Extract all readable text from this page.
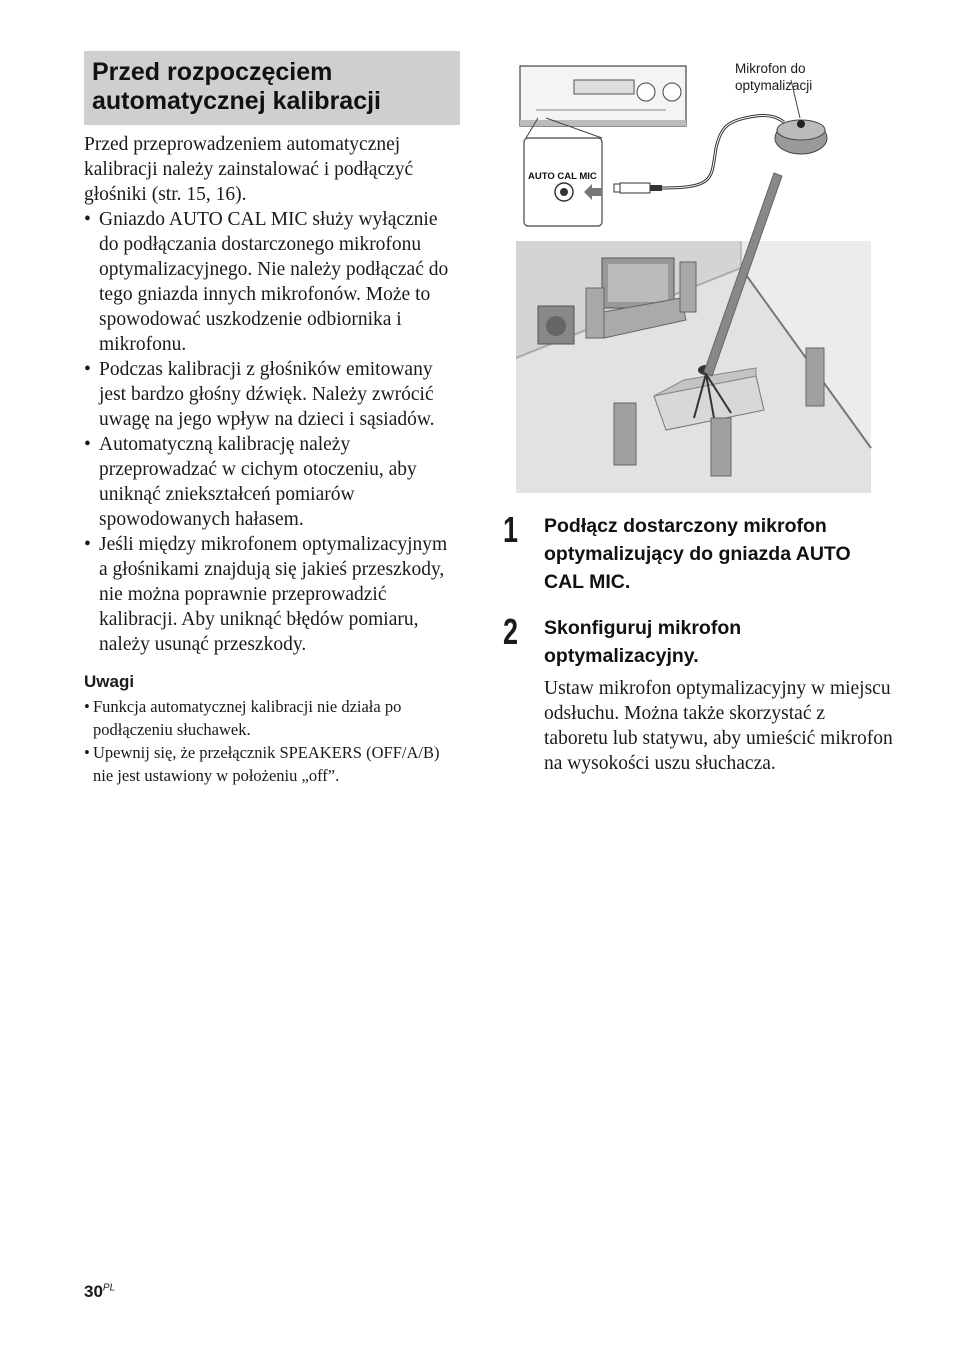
Przed rozpoczęciem
automatycznej kalibracji

Przed przeprowadzeniem automatycznej kalibracji należy zainstalować i podłączyć głośniki (str. 15, 16).

• Gniazdo AUTO CAL MIC służy wyłącznie do podłączania dostarczonego mikrofonu optymalizacyjnego. Nie należy podłączać do tego gniazda innych mikrofonów. Może to spowodować uszkodzenie odbiornika i mikrofonu.
• Podczas kalibracji z głośników emitowany jest bardzo głośny dźwięk. Należy zwrócić uwagę na jego wpływ na dzieci i sąsiadów.
• Automatyczną kalibrację należy przeprowadzać w cichym otoczeniu, aby uniknąć zniekształceń pomiarów spowodowanych hałasem.
• Jeśli między mikrofonem optymalizacyjnym a głośnikami znajdują się jakieś przeszkody, nie można poprawnie przeprowadzić kalibracji. Aby uniknąć błędów pomiaru, należy usunąć przeszkody.
Uwagi
• Funkcja automatycznej kalibracji nie działa po podłączeniu słuchawek.
• Upewnij się, że przełącznik SPEAKERS (OFF/A/B) nie jest ustawiony w położeniu „off”.
Mikrofon do
optymalizacji
AUTO CAL MIC
1 Podłącz dostarczony mikrofon optymalizujący do gniazda AUTO CAL MIC.
2 Skonfiguruj mikrofon optymalizacyjny.
Ustaw mikrofon optymalizacyjny w miejscu odsłuchu. Można także skorzystać z taboretu lub statywu, aby umieścić mikrofon na wysokości uszu słuchacza.
$30^{PL}$
